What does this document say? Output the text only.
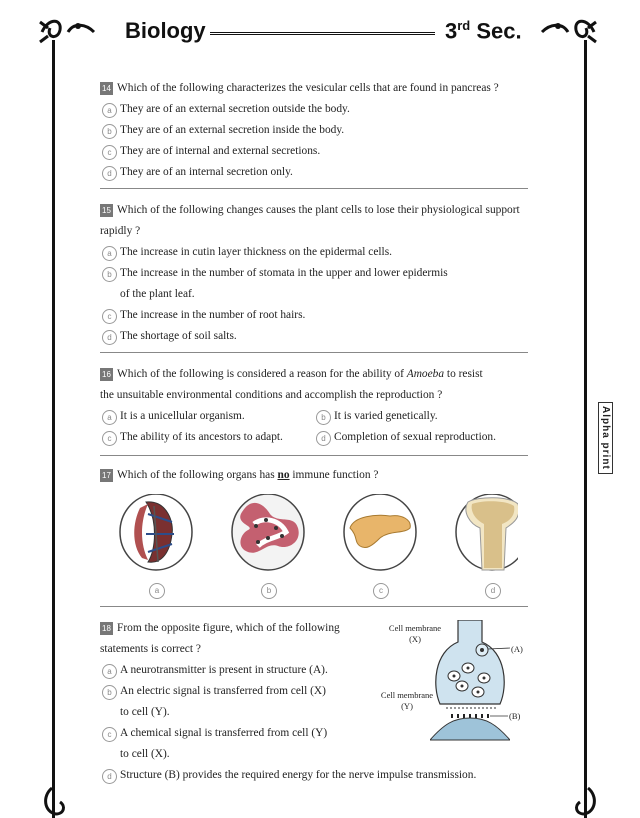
Biology	3rd Sec.
14 Which of the following characterizes the vesicular cells that are found in pancreas ?
a They are of an external secretion outside the body.
b They are of an external secretion inside the body.
c They are of internal and external secretions.
d They are of an internal secretion only.
15 Which of the following changes causes the plant cells to lose their physiological support
rapidly ?
a The increase in cutin layer thickness on the epidermal cells.
b The increase in the number of stomata in the upper and lower epidermis
of the plant leaf.
c The increase in the number of root hairs.
d The shortage of soil salts.
16 Which of the following is considered a reason for the ability of Amoeba to resist
the unsuitable environmental conditions and accomplish the reproduction ?
a It is a unicellular organism.	b It is varied genetically.
c The ability of its ancestors to adapt.	d Completion of sexual reproduction.
17 Which of the following organs has no immune function ?
a	b	c	d
18 From the opposite figure, which of the following
statements is correct ?
a A neurotransmitter is present in structure (A).
b An electric signal is transferred from cell (X)
to cell (Y).
c A chemical signal is transferred from cell (Y)
to cell (X).
d Structure (B) provides the required energy for the nerve impulse transmission.
Cell membrane
(X)
Cell membrane
(Y)
(A)
(B)
Alpha print
